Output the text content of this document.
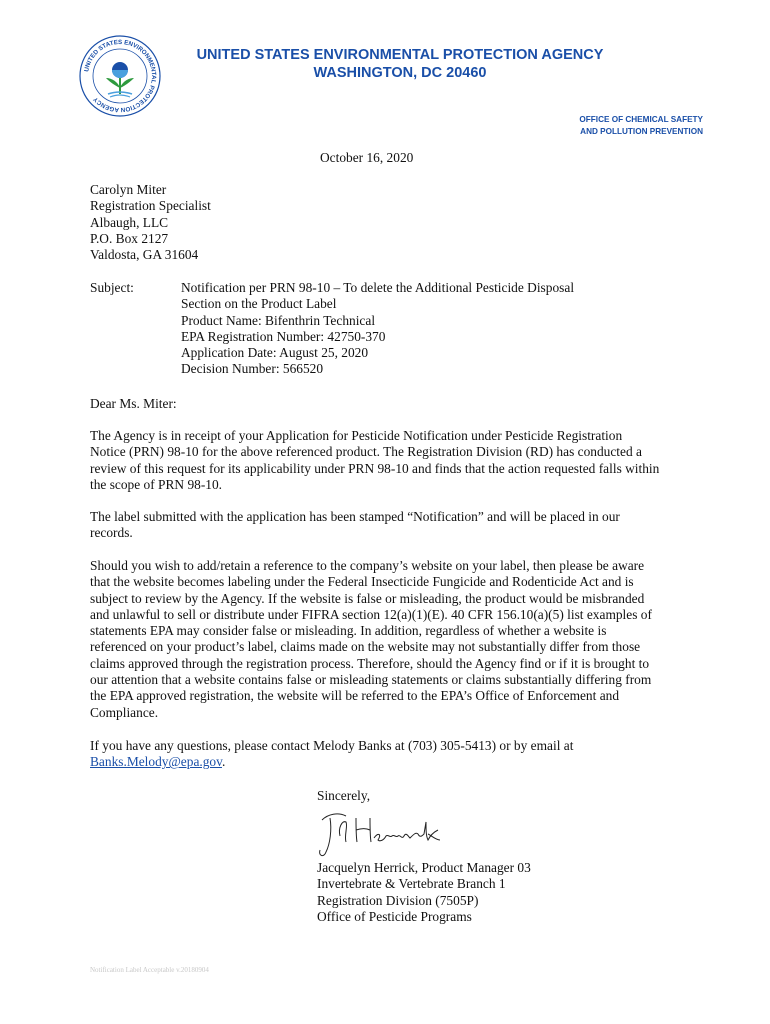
UNITED STATES ENVIRONMENTAL PROTECTION AGENCY
UNITED STATES ENVIRONMENTAL PROTECTION AGENCY
WASHINGTON, DC 20460
OFFICE OF CHEMICAL SAFETY
AND POLLUTION PREVENTION
October 16, 2020
Carolyn Miter
Registration Specialist
Albaugh, LLC
P.O. Box 2127
Valdosta, GA 31604
Subject:	Notification per PRN 98-10 – To delete the Additional Pesticide Disposal
Section on the Product Label
Product Name: Bifenthrin Technical
EPA Registration Number: 42750-370
Application Date: August 25, 2020
Decision Number: 566520
Dear Ms. Miter:

The Agency is in receipt of your Application for Pesticide Notification under Pesticide Registration
Notice (PRN) 98-10 for the above referenced product. The Registration Division (RD) has conducted a
review of this request for its applicability under PRN 98-10 and finds that the action requested falls within
the scope of PRN 98-10.

The label submitted with the application has been stamped “Notification” and will be placed in our
records.

Should you wish to add/retain a reference to the company’s website on your label, then please be aware
that the website becomes labeling under the Federal Insecticide Fungicide and Rodenticide Act and is
subject to review by the Agency. If the website is false or misleading, the product would be misbranded
and unlawful to sell or distribute under FIFRA section 12(a)(1)(E). 40 CFR 156.10(a)(5) list examples of
statements EPA may consider false or misleading. In addition, regardless of whether a website is
referenced on your product’s label, claims made on the website may not substantially differ from those
claims approved through the registration process. Therefore, should the Agency find or if it is brought to
our attention that a website contains false or misleading statements or claims substantially differing from
the EPA approved registration, the website will be referred to the EPA’s Office of Enforcement and
Compliance.

If you have any questions, please contact Melody Banks at (703) 305-5413) or by email at
Banks.Melody@epa.gov.

Sincerely,
Jacquelyn Herrick, Product Manager 03
Invertebrate & Vertebrate Branch 1
Registration Division (7505P)
Office of Pesticide Programs
Notification Label Acceptable v.20180904
